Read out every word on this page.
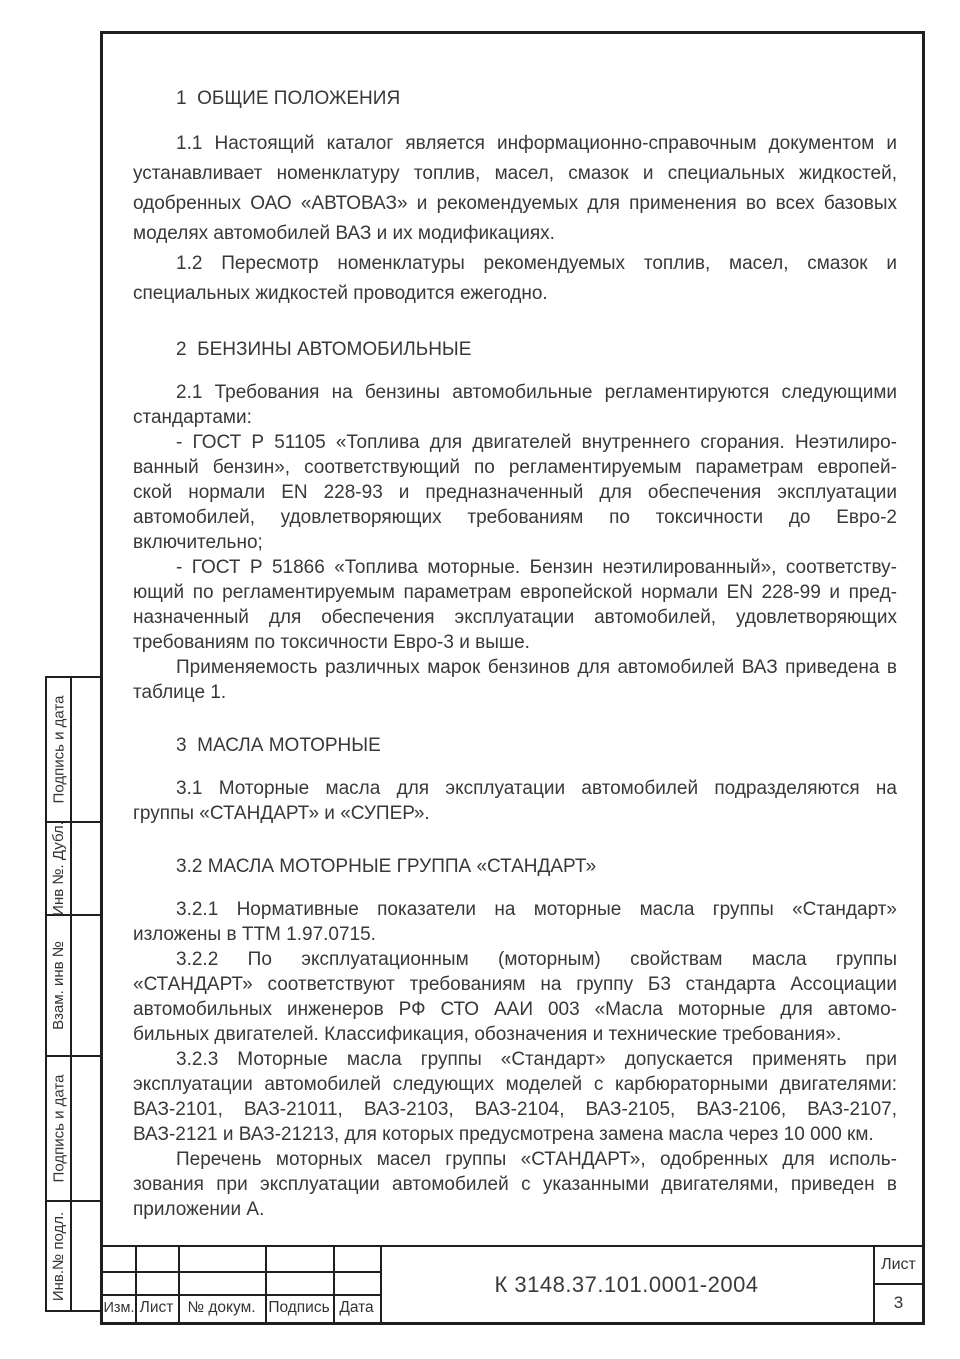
Подпись и дата
Инв №. Дубл.
Взам. инв №
Подпись и дата
Инв.№ подл.
1  ОБЩИЕ ПОЛОЖЕНИЯ
1.1 Настоящий каталог является информационно-справочным документом и
устанавливает номенклатуру топлив, масел, смазок и специальных жидкостей,
одобренных ОАО «АВТОВАЗ» и рекомендуемых для применения во всех базовых
моделях автомобилей ВАЗ и их модификациях.
1.2 Пересмотр номенклатуры рекомендуемых топлив, масел, смазок и
специальных жидкостей проводится ежегодно.
2  БЕНЗИНЫ АВТОМОБИЛЬНЫЕ
2.1 Требования на бензины автомобильные регламентируются следующими
стандартами:
- ГОСТ Р 51105 «Топлива для двигателей внутреннего сгорания. Неэтилиро-
ванный бензин», соответствующий по регламентируемым параметрам европей-
ской нормали EN 228-93 и предназначенный для обеспечения эксплуатации
автомобилей, удовлетворяющих требованиям по токсичности до Евро-2
включительно;
- ГОСТ Р 51866 «Топлива моторные. Бензин неэтилированный», соответству-
ющий по регламентируемым параметрам европейской нормали EN 228-99 и пред-
назначенный для обеспечения эксплуатации автомобилей, удовлетворяющих
требованиям по токсичности Евро-3 и выше.
Применяемость различных марок бензинов для автомобилей ВАЗ приведена в
таблице 1.
3  МАСЛА МОТОРНЫЕ
3.1 Моторные масла для эксплуатации автомобилей подразделяются на
группы «СТАНДАРТ» и «СУПЕР».
3.2 МАСЛА МОТОРНЫЕ ГРУППА «СТАНДАРТ»
3.2.1 Нормативные показатели на моторные масла группы «Стандарт»
изложены в ТТМ 1.97.0715.
3.2.2 По эксплуатационным (моторным) свойствам масла группы
«СТАНДАРТ» соответствуют требованиям на группу Б3 стандарта Ассоциации
автомобильных инженеров РФ СТО ААИ 003 «Масла моторные для автомо-
бильных двигателей. Классификация, обозначения и технические требования».
3.2.3 Моторные масла группы «Стандарт» допускается применять при
эксплуатации автомобилей следующих моделей с карбюраторными двигателями:
ВАЗ-2101, ВАЗ-21011, ВАЗ-2103, ВАЗ-2104, ВАЗ-2105, ВАЗ-2106, ВАЗ-2107,
ВАЗ-2121 и ВАЗ-21213, для которых предусмотрена замена масла через 10 000 км.
Перечень моторных масел группы «СТАНДАРТ», одобренных для исполь-
зования при эксплуатации автомобилей с указанными двигателями, приведен в
приложении А.
Изм. Лист № докум. Подпись Дата
К 3148.37.101.0001-2004
Лист
3
